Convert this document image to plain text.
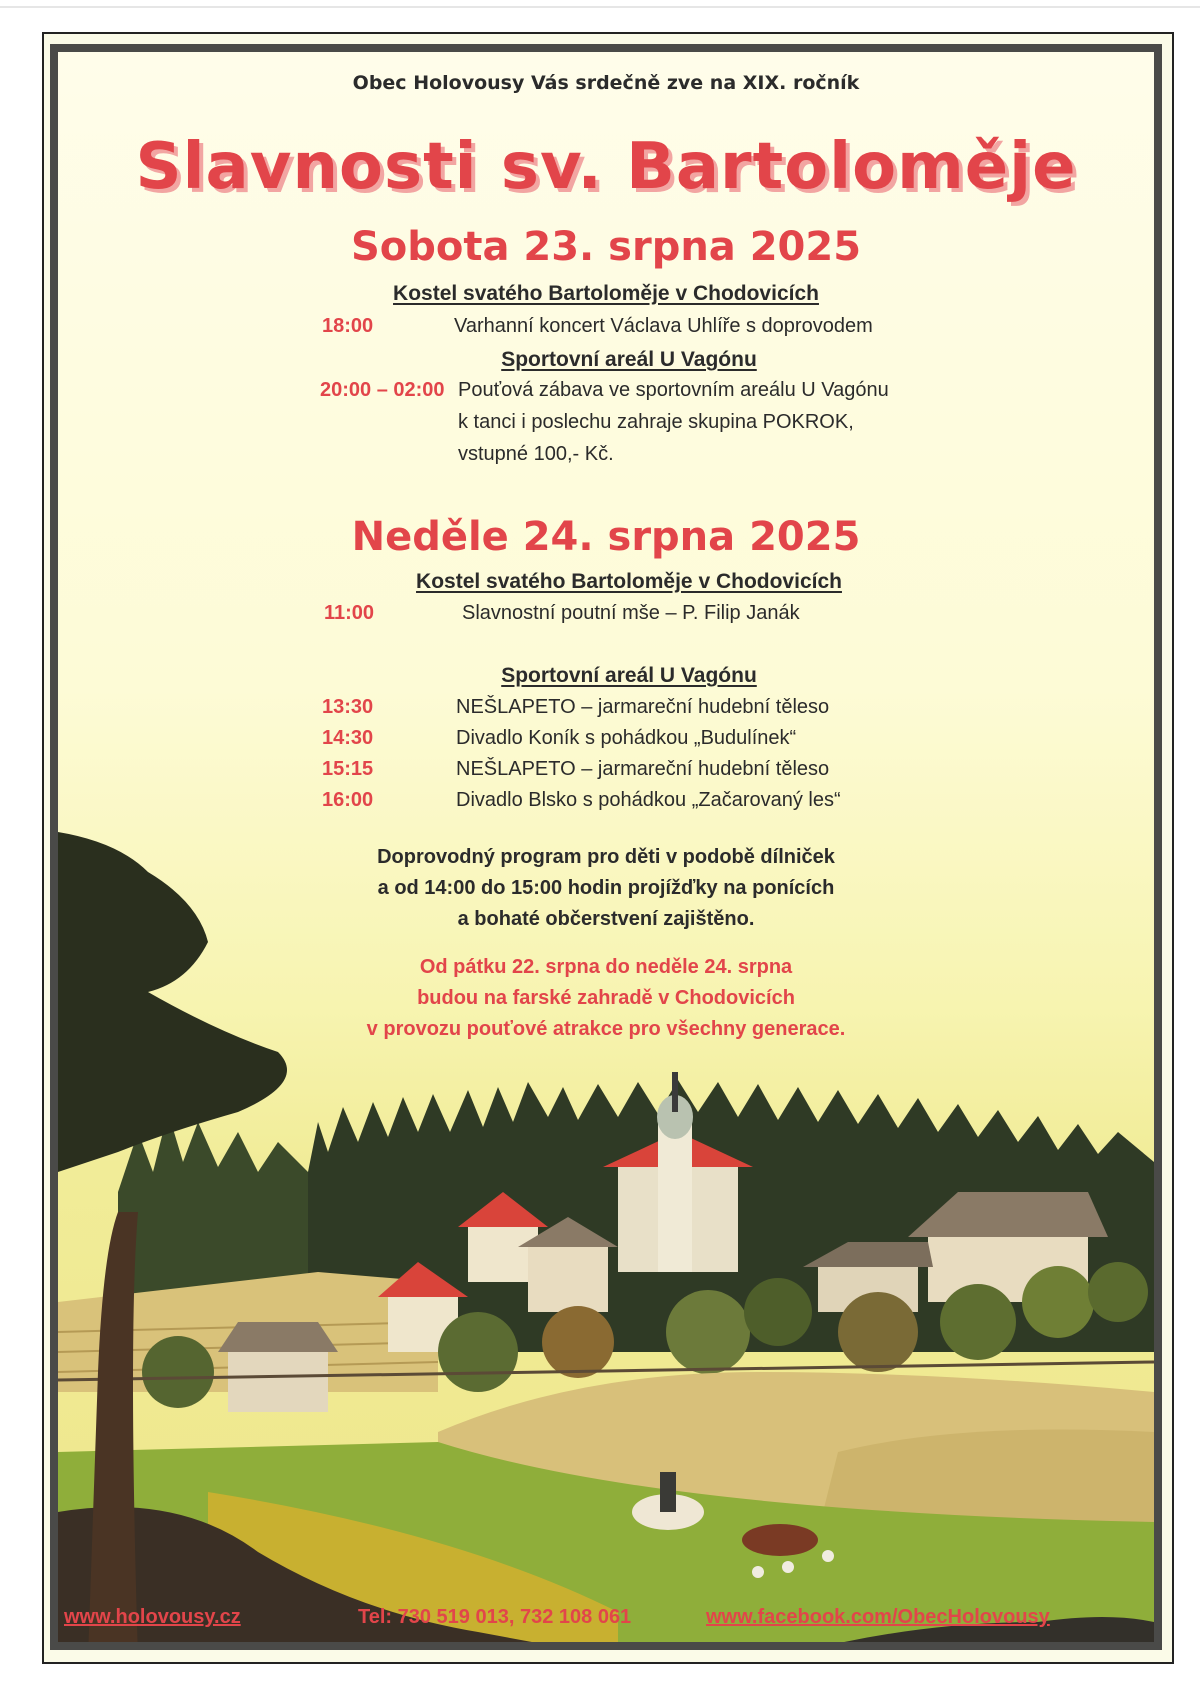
Obec Holovousy Vás srdečně zve na XIX. ročník
Slavnosti sv. Bartoloměje
Sobota 23. srpna 2025
Kostel svatého Bartoloměje v Chodovicích
18:00	Varhanní koncert Václava Uhlíře s doprovodem
Sportovní areál U Vagónu
20:00 – 02:00 Pouťová zábava ve sportovním areálu U Vagónu
k tanci i poslechu zahraje skupina POKROK,
vstupné 100,- Kč.
Neděle 24. srpna 2025
Kostel svatého Bartoloměje v Chodovicích
11:00	Slavnostní poutní mše – P. Filip Janák
Sportovní areál U Vagónu
13:30	NEŠLAPETO – jarmareční hudební těleso
14:30	Divadlo Koník s pohádkou „Budulínek“
15:15	NEŠLAPETO – jarmareční hudební těleso
16:00	Divadlo Blsko s pohádkou „Začarovaný les“
Doprovodný program pro děti v podobě dílniček
a od 14:00 do 15:00 hodin projížďky na ponících
a bohaté občerstvení zajištěno.
Od pátku 22. srpna do neděle 24. srpna
budou na farské zahradě v Chodovicích
v provozu pouťové atrakce pro všechny generace.
www.holovousy.cz	Tel: 730 519 013, 732 108 061	www.facebook.com/ObecHolovousy
